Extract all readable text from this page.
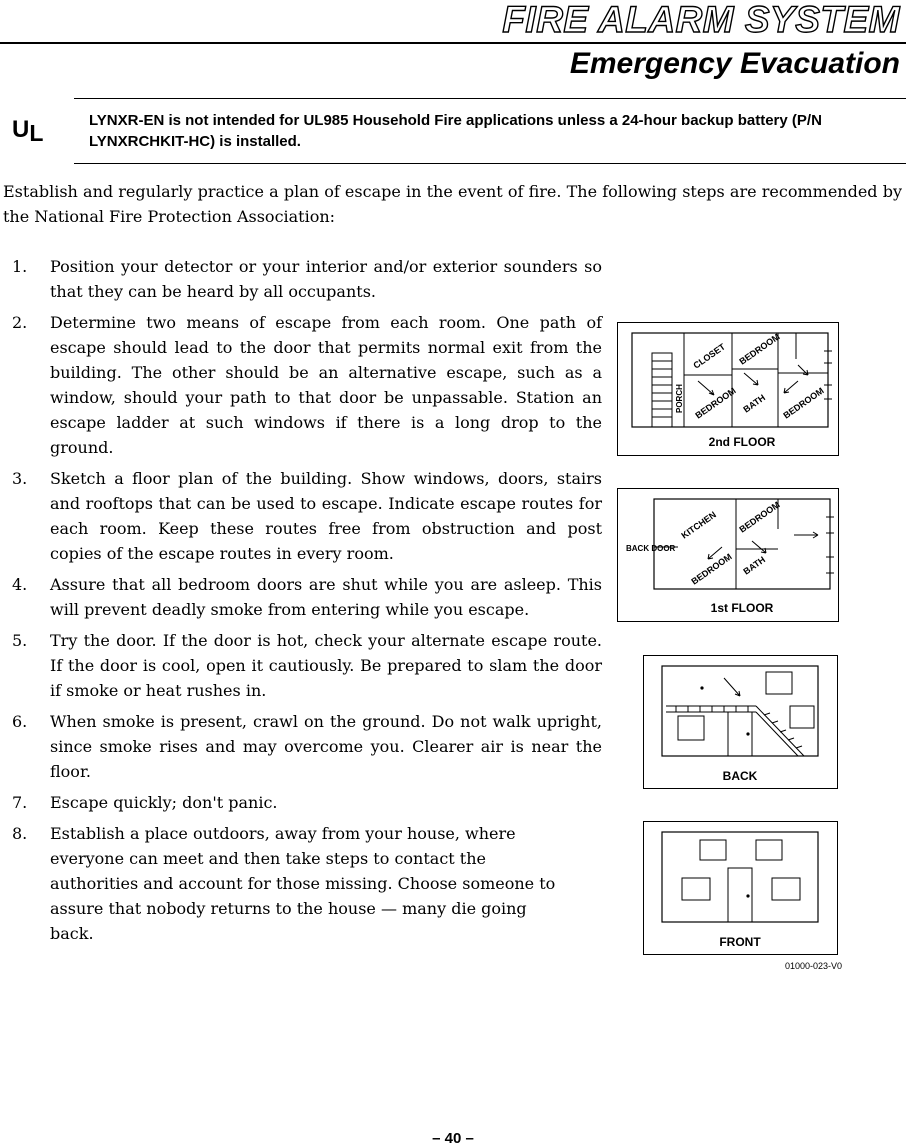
FIRE ALARM SYSTEM
Emergency Evacuation
UL	LYNXR-EN is not intended for UL985 Household Fire applications unless a 24-hour backup battery (P/N LYNXRCHKIT-HC) is installed.

Establish and regularly practice a plan of escape in the event of fire. The following steps are recommended by the National Fire Protection Association:

1. Position your detector or your interior and/or exterior sounders so that they can be heard by all occupants.
2. Determine two means of escape from each room. One path of escape should lead to the door that permits normal exit from the building. The other should be an alternative escape, such as a window, should your path to that door be unpassable. Station an escape ladder at such windows if there is a long drop to the ground.
3. Sketch a floor plan of the building. Show windows, doors, stairs and rooftops that can be used to escape. Indicate escape routes for each room. Keep these routes free from obstruction and post copies of the escape routes in every room.
4. Assure that all bedroom doors are shut while you are asleep. This will prevent deadly smoke from entering while you escape.
5. Try the door. If the door is hot, check your alternate escape route. If the door is cool, open it cautiously. Be prepared to slam the door if smoke or heat rushes in.
6. When smoke is present, crawl on the ground. Do not walk upright, since smoke rises and may overcome you. Clearer air is near the floor.
7. Escape quickly; don't panic.
8. Establish a place outdoors, away from your house, where everyone can meet and then take steps to contact the authorities and account for those missing. Choose someone to assure that nobody returns to the house — many die going back.
CLOSET BEDROOM
PORCH BEDROOM BATH BEDROOM
2nd FLOOR
KITCHEN BEDROOM
BACK DOOR
BEDROOM BATH
1st FLOOR
BACK
FRONT

01000-023-V0

– 40 –
